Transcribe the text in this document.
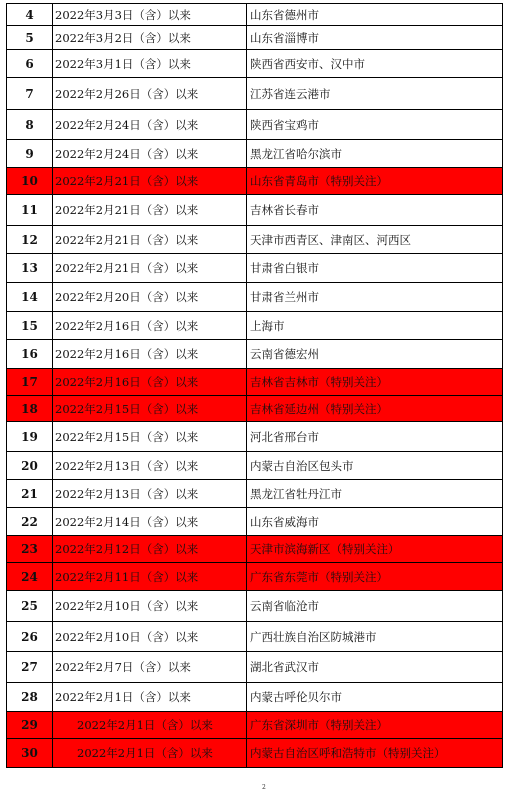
4	2022年3月3日（含）以来	山东省德州市
5	2022年3月2日（含）以来	山东省淄博市
6	2022年3月1日（含）以来	陕西省西安市、汉中市
7	2022年2月26日（含）以来	江苏省连云港市
8	2022年2月24日（含）以来	陕西省宝鸡市
9	2022年2月24日（含）以来	黑龙江省哈尔滨市
10	2022年2月21日（含）以来	山东省青岛市（特别关注）
11	2022年2月21日（含）以来	吉林省长春市
12	2022年2月21日（含）以来	天津市西青区、津南区、河西区
13	2022年2月21日（含）以来	甘肃省白银市
14	2022年2月20日（含）以来	甘肃省兰州市
15	2022年2月16日（含）以来	上海市
16	2022年2月16日（含）以来	云南省德宏州
17	2022年2月16日（含）以来	吉林省吉林市（特别关注）
18	2022年2月15日（含）以来	吉林省延边州（特别关注）
19	2022年2月15日（含）以来	河北省邢台市
20	2022年2月13日（含）以来	内蒙古自治区包头市
21	2022年2月13日（含）以来	黑龙江省牡丹江市
22	2022年2月14日（含）以来	山东省威海市
23	2022年2月12日（含）以来	天津市滨海新区（特别关注）
24	2022年2月11日（含）以来	广东省东莞市（特别关注）
25	2022年2月10日（含）以来	云南省临沧市
26	2022年2月10日（含）以来	广西壮族自治区防城港市
27	2022年2月7日（含）以来	湖北省武汉市
28	2022年2月1日（含）以来	内蒙古呼伦贝尔市
29	2022年2月1日（含）以来	广东省深圳市（特别关注）
30	2022年2月1日（含）以来	内蒙古自治区呼和浩特市（特别关注）
2
